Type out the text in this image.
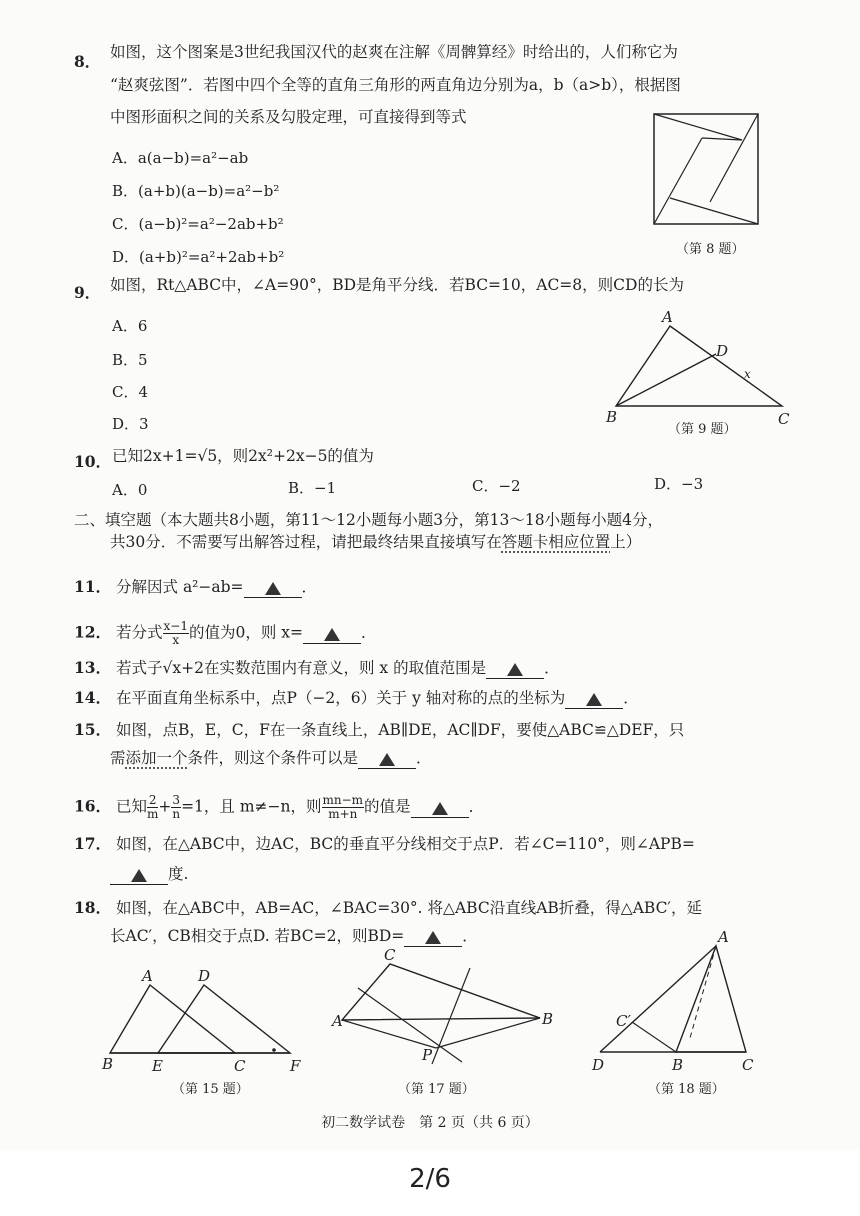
8． 如图，这个图案是3世纪我国汉代的赵爽在注解《周髀算经》时给出的，人们称它为
“赵爽弦图”．若图中四个全等的直角三角形的两直角边分别为a，b（a>b），根据图
中图形面积之间的关系及勾股定理，可直接得到等式
A．a(a−b)=a²−ab
B．(a+b)(a−b)=a²−b²
C．(a−b)²=a²−2ab+b²
D．(a+b)²=a²+2ab+b²	（第 8 题）
9． 如图，Rt△ABC中，∠A=90°，BD是角平分线．若BC=10，AC=8，则CD的长为
A．6
B．5
C．4
D．3
A
D
B	C
x
（第 9 题）
10． 已知2x+1=√5，则2x²+2x−5的值为
A．0	B．−1	C．−2	D．−3
二、填空题（本大题共8小题，第11～12小题每小题3分，第13～18小题每小题4分，
共30分．不需要写出解答过程，请把最终结果直接填写在答题卡相应位置上）
11． 分解因式 a²−ab=	．
12． 若分式 $\frac{x-1}{x}$ 的值为0，则 x=	．
13． 若式子√x+2在实数范围内有意义，则 x 的取值范围是	．
14． 在平面直角坐标系中，点P（−2，6）关于 y 轴对称的点的坐标为	．
15． 如图，点B，E，C，F在一条直线上，AB∥DE，AC∥DF，要使△ABC≌△DEF，只
需添加一个条件，则这个条件可以是	．
16． 已知 $\frac{2}{m} + \frac{3}{n} =1$，且 m≠−n，则 $\frac{mn-m}{m+n}$ 的值是	．
17． 如图，在△ABC中，边AC，BC的垂直平分线相交于点P．若∠C=110°，则∠APB=
度.
18． 如图，在△ABC中，AB=AC，∠BAC=30°. 将△ABC沿直线AB折叠，得△ABC′，延
长AC′，CB相交于点D. 若BC=2，则BD=	．
A	D
B	E	C	F
（第 15 题）
C
A	B
P
（第 17 题）
A
C′
D	B	C
（第 18 题）
初二数学试卷　第 2 页（共 6 页）
2/6
